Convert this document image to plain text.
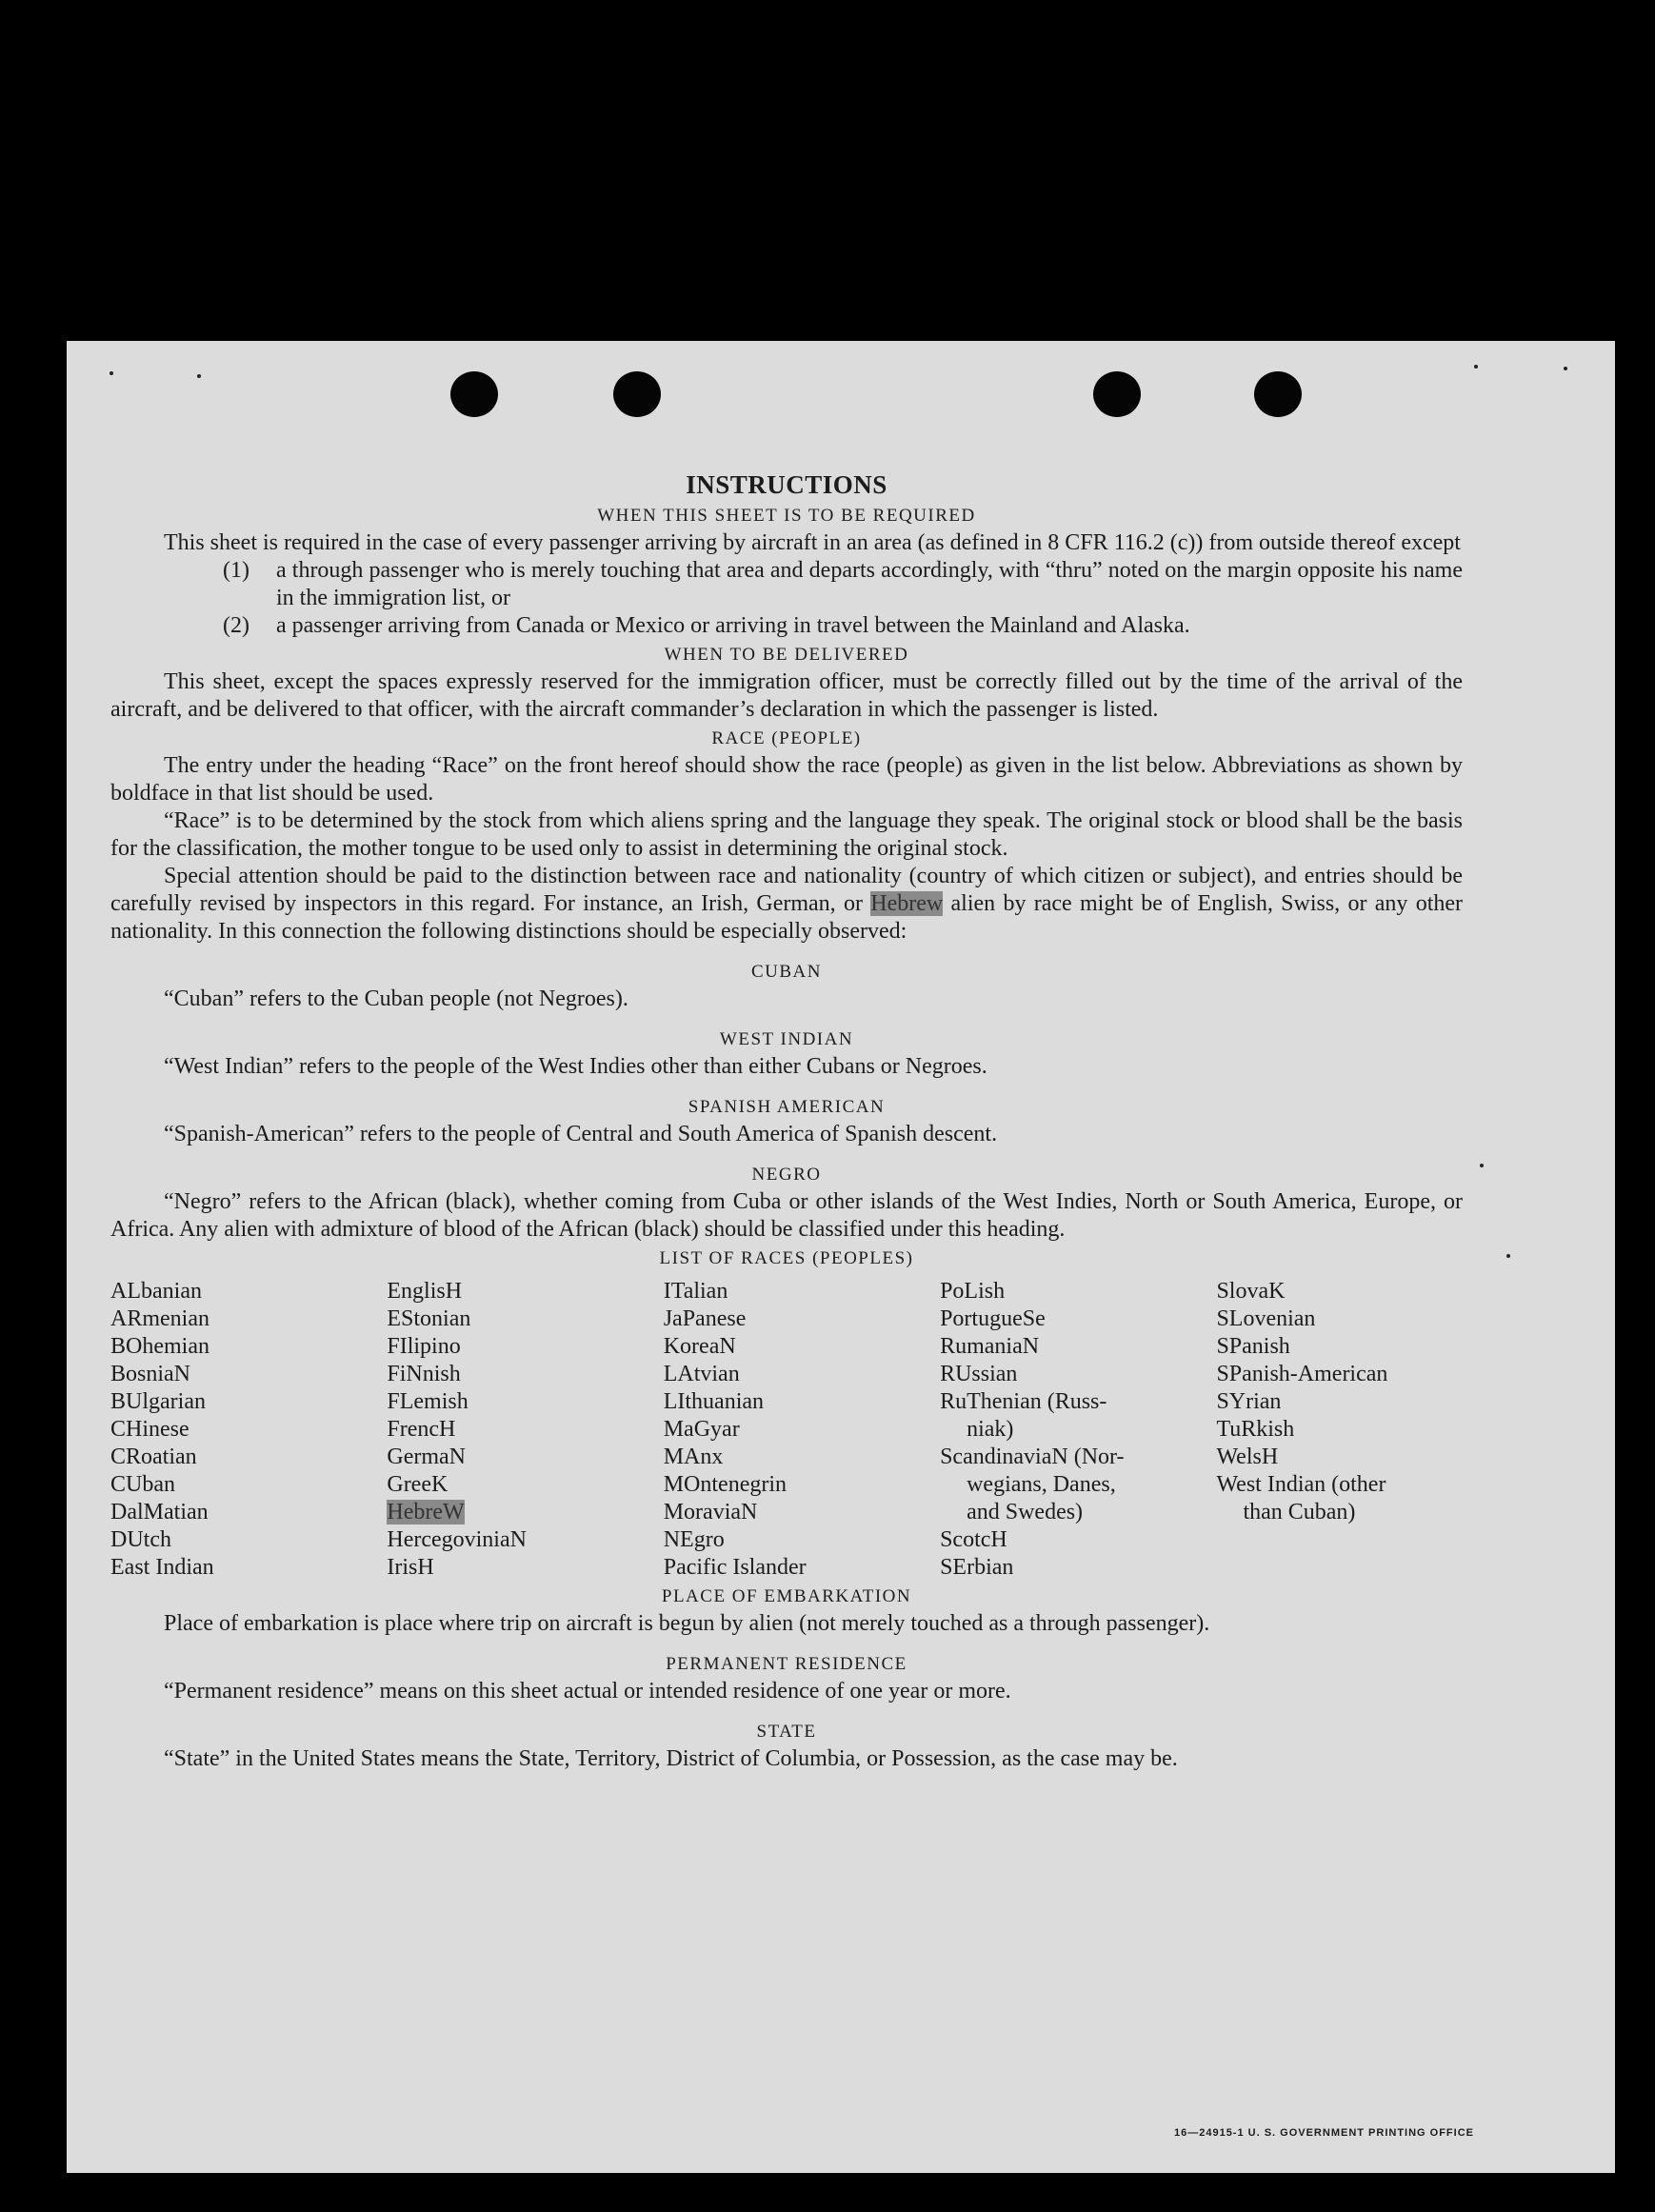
INSTRUCTIONS
WHEN THIS SHEET IS TO BE REQUIRED

This sheet is required in the case of every passenger arriving by aircraft in an area (as defined in 8 CFR 116.2 (c)) from outside thereof except

(1)	a through passenger who is merely touching that area and departs accordingly, with “thru” noted on the margin opposite his name in the immigration list, or
(2)	a passenger arriving from Canada or Mexico or arriving in travel between the Mainland and Alaska.
WHEN TO BE DELIVERED

This sheet, except the spaces expressly reserved for the immigration officer, must be correctly filled out by the time of the arrival of the aircraft, and be delivered to that officer, with the aircraft commander’s declaration in which the passenger is listed.

RACE (PEOPLE)

The entry under the heading “Race” on the front hereof should show the race (people) as given in the list below. Abbreviations as shown by boldface in that list should be used.

“Race” is to be determined by the stock from which aliens spring and the language they speak. The original stock or blood shall be the basis for the classification, the mother tongue to be used only to assist in determining the original stock.

Special attention should be paid to the distinction between race and nationality (country of which citizen or subject), and entries should be carefully revised by inspectors in this regard. For instance, an Irish, German, or Hebrew alien by race might be of English, Swiss, or any other nationality. In this connection the following distinctions should be especially observed:

CUBAN

“Cuban” refers to the Cuban people (not Negroes).

WEST INDIAN

“West Indian” refers to the people of the West Indies other than either Cubans or Negroes.

SPANISH AMERICAN

“Spanish-American” refers to the people of Central and South America of Spanish descent.

NEGRO

“Negro” refers to the African (black), whether coming from Cuba or other islands of the West Indies, North or South America, Europe, or Africa. Any alien with admixture of blood of the African (black) should be classified under this heading.

LIST OF RACES (PEOPLES)
ALbanian
ARmenian
BOhemian
BosniaN
BUlgarian
CHinese
CRoatian
CUban
DalMatian
DUtch
East Indian
EnglisH
EStonian
FIlipino
FiNnish
FLemish
FrencH
GermaN
GreeK
HebreW
HercegoviniaN
IrisH
ITalian
JaPanese
KoreaN
LAtvian
LIthuanian
MaGyar
MAnx
MOntenegrin
MoraviaN
NEgro
Pacific Islander
PoLish
PortugueSe
RumaniaN
RUssian
RuThenian (Russ-
niak)
ScandinaviaN (Nor-
wegians, Danes,
and Swedes)
ScotcH
SErbian
SlovaK
SLovenian
SPanish
SPanish-American
SYrian
TuRkish
WelsH
West Indian (other
than Cuban)
PLACE OF EMBARKATION

Place of embarkation is place where trip on aircraft is begun by alien (not merely touched as a through passenger).

PERMANENT RESIDENCE

“Permanent residence” means on this sheet actual or intended residence of one year or more.

STATE

“State” in the United States means the State, Territory, District of Columbia, or Possession, as the case may be.

16—24915-1 U. S. GOVERNMENT PRINTING OFFICE
